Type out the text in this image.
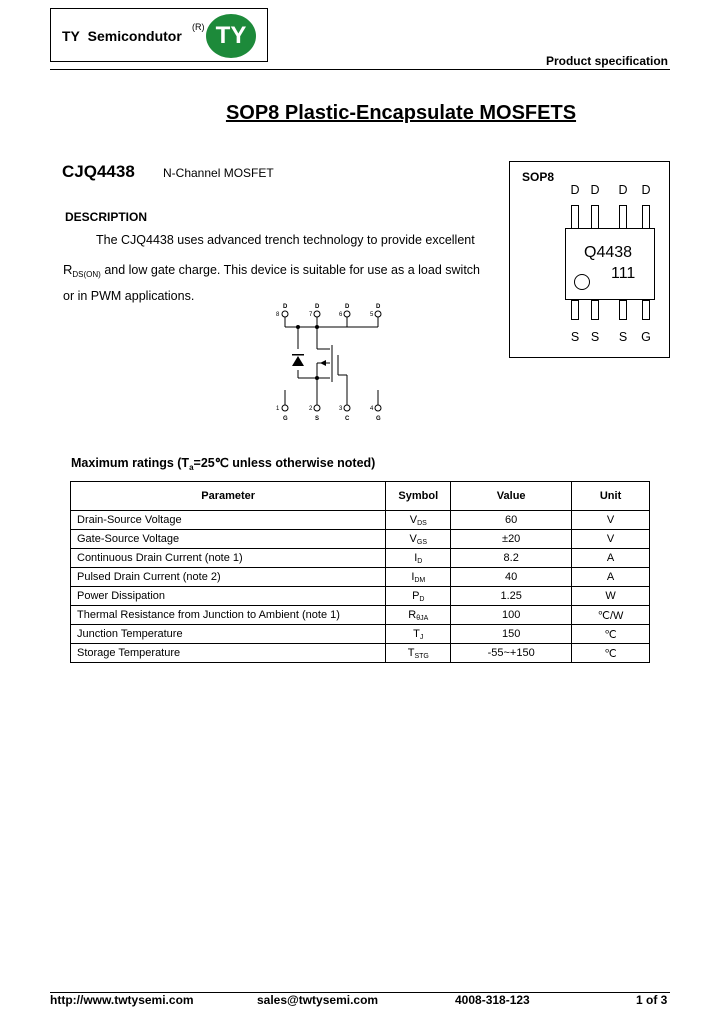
TY Semicondutor
(R) TY
Product specification
SOP8 Plastic-Encapsulate MOSFETS
CJQ4438 N-Channel MOSFET
DESCRIPTION
The CJQ4438 uses advanced trench technology to provide excellent
$R_{DS(ON)}$ and low gate charge. This device is suitable for use as a load switch
or in PWM applications.
D	D	D	D
8	7	6	5
1	2	3	4
G	S	C	G
SOP8
D D D D
Q4438
111
S S S G
Maximum ratings ($T_a=25℃$ unless otherwise noted)
Parameter	Symbol	Value	Unit
Drain-Source Voltage	VDS	60	V
Gate-Source Voltage	VGS	±20	V
Continuous Drain Current (note 1)	ID	8.2	A
Pulsed Drain Current (note 2)	IDM	40	A
Power Dissipation	PD	1.25	W
Thermal Resistance from Junction to Ambient (note 1)	RθJA	100	℃/W
Junction Temperature	TJ	150	℃
Storage Temperature	TSTG	-55~+150	℃
http://www.twtysemi.com	sales@twtysemi.com	4008-318-123	1 of 3
